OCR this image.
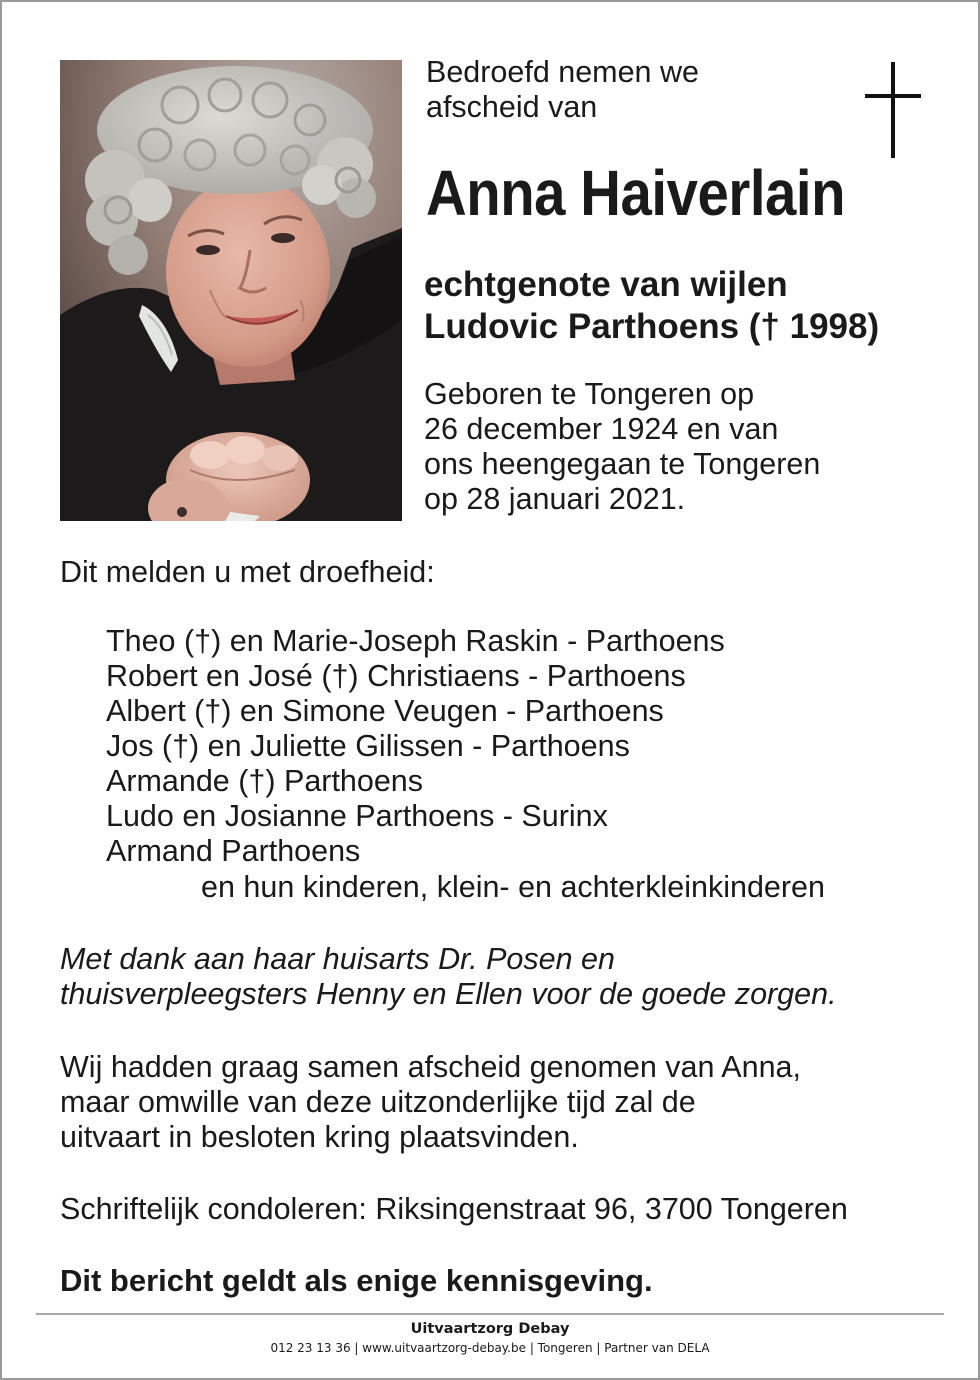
Bedroefd nemen we
afscheid van
Anna Haiverlain
echtgenote van wijlen
Ludovic Parthoens († 1998)
Geboren te Tongeren op
26 december 1924 en van
ons heengegaan te Tongeren
op 28 januari 2021.
Dit melden u met droefheid:
Theo (†) en Marie-Joseph Raskin - Parthoens
Robert en José (†) Christiaens - Parthoens
Albert (†) en Simone Veugen - Parthoens
Jos (†) en Juliette Gilissen - Parthoens
Armande (†) Parthoens
Ludo en Josianne Parthoens - Surinx
Armand Parthoens
en hun kinderen, klein- en achterkleinkinderen
Met dank aan haar huisarts Dr. Posen en
thuisverpleegsters Henny en Ellen voor de goede zorgen.
Wij hadden graag samen afscheid genomen van Anna,
maar omwille van deze uitzonderlijke tijd zal de
uitvaart in besloten kring plaatsvinden.
Schriftelijk condoleren: Riksingenstraat 96, 3700 Tongeren
Dit bericht geldt als enige kennisgeving.
Uitvaartzorg Debay
012 23 13 36 | www.uitvaartzorg-debay.be | Tongeren | Partner van DELA
